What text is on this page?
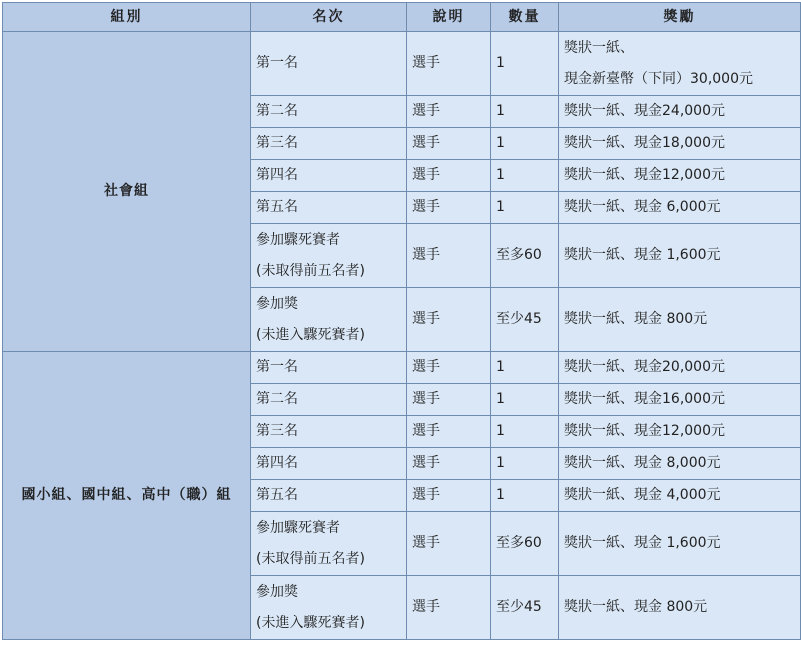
組別	名次	說明	數量	獎勵
社會組	第一名	選手	1	獎狀一紙、
現金新臺幣（下同）30,000元

	第二名	選手	1	獎狀一紙、現金24,000元

	第三名	選手	1	獎狀一紙、現金18,000元

	第四名	選手	1	獎狀一紙、現金12,000元

	第五名	選手	1	獎狀一紙、現金 6,000元

	參加驟死賽者
(未取得前五名者)	選手	至多60	獎狀一紙、現金 1,600元

	參加獎
(未進入驟死賽者)	選手	至少45	獎狀一紙、現金 800元

國小組、國中組、高中（職）組	第一名	選手	1	獎狀一紙、現金20,000元

	第二名	選手	1	獎狀一紙、現金16,000元

	第三名	選手	1	獎狀一紙、現金12,000元

	第四名	選手	1	獎狀一紙、現金 8,000元

	第五名	選手	1	獎狀一紙、現金 4,000元

	參加驟死賽者
(未取得前五名者)	選手	至多60	獎狀一紙、現金 1,600元

	參加獎
(未進入驟死賽者)	選手	至少45	獎狀一紙、現金 800元
